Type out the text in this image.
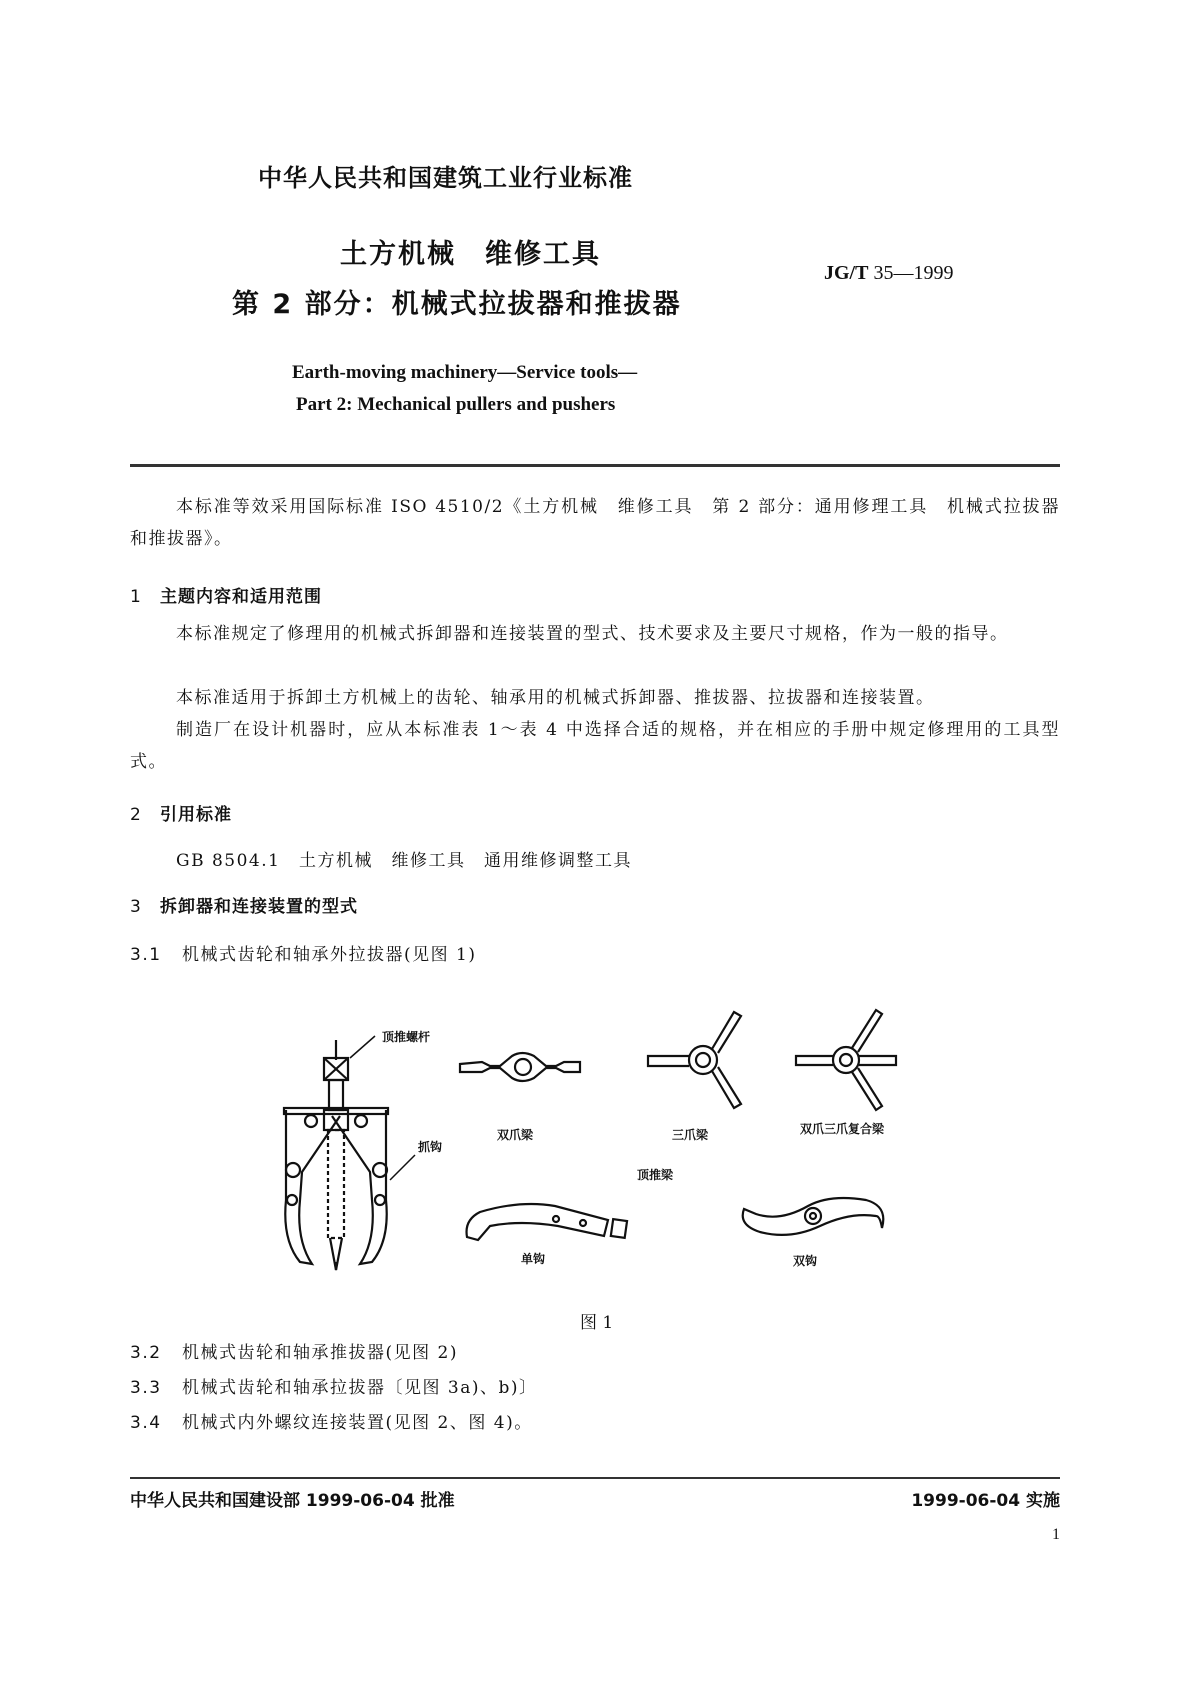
中华人民共和国建筑工业行业标准
土方机械　维修工具
第 2 部分：机械式拉拔器和推拔器
JG/T 35—1999
Earth-moving machinery—Service tools—
Part 2: Mechanical pullers and pushers
本标准等效采用国际标准 ISO 4510/2《土方机械　维修工具　第 2 部分：通用修理工具　机械式拉拔器和推拔器》。
1 主题内容和适用范围
本标准规定了修理用的机械式拆卸器和连接装置的型式、技术要求及主要尺寸规格，作为一般的指导。
本标准适用于拆卸土方机械上的齿轮、轴承用的机械式拆卸器、推拔器、拉拔器和连接装置。
制造厂在设计机器时，应从本标准表 1～表 4 中选择合适的规格，并在相应的手册中规定修理用的工具型式。
2 引用标准
GB 8504.1　土方机械　维修工具　通用维修调整工具
3 拆卸器和连接装置的型式
3.1 机械式齿轮和轴承外拉拔器(见图 1)
顶推螺杆
抓钩
双爪梁	三爪梁	双爪三爪复合梁
顶推梁
单钩	双钩
图 1
3.2 机械式齿轮和轴承推拔器(见图 2)
3.3 机械式齿轮和轴承拉拔器〔见图 3a)、b)〕
3.4 机械式内外螺纹连接装置(见图 2、图 4)。
中华人民共和国建设部 1999-06-04 批准	1999-06-04 实施
1
